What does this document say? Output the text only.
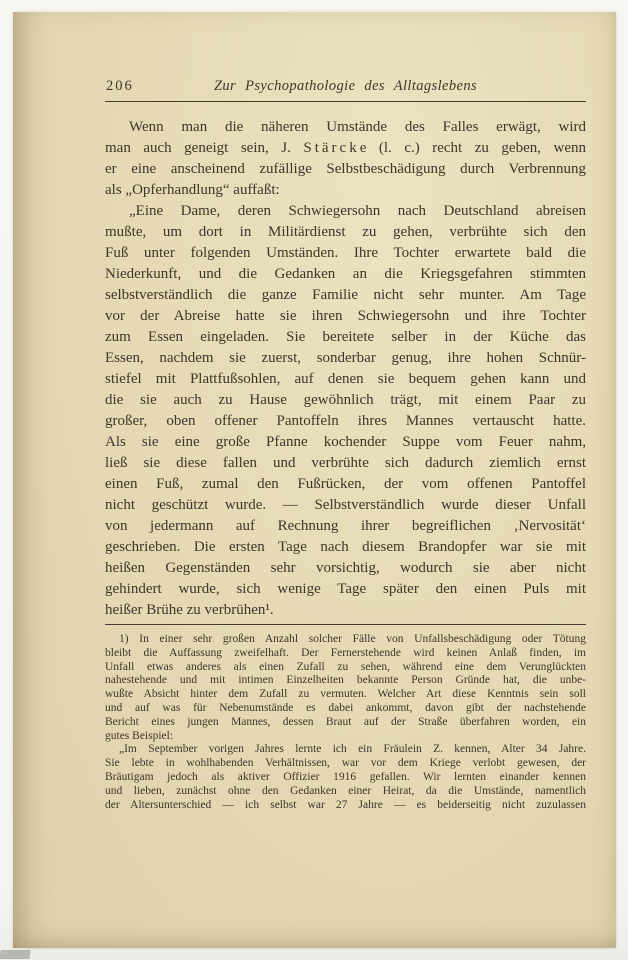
206	Zur Psychopathologie des Alltagslebens
Wenn man die näheren Umstände des Falles erwägt, wird
man auch geneigt sein, J. S t ä r c k e (l. c.) recht zu geben, wenn
er eine anscheinend zufällige Selbstbeschädigung durch Verbrennung
als „Opferhandlung“ auffaßt:
„Eine Dame, deren Schwiegersohn nach Deutschland abreisen
mußte, um dort in Militärdienst zu gehen, verbrühte sich den
Fuß unter folgenden Umständen. Ihre Tochter erwartete bald die
Niederkunft, und die Gedanken an die Kriegsgefahren stimmten
selbstverständlich die ganze Familie nicht sehr munter. Am Tage
vor der Abreise hatte sie ihren Schwiegersohn und ihre Tochter
zum Essen eingeladen. Sie bereitete selber in der Küche das
Essen, nachdem sie zuerst, sonderbar genug, ihre hohen Schnür-
stiefel mit Plattfußsohlen, auf denen sie bequem gehen kann und
die sie auch zu Hause gewöhnlich trägt, mit einem Paar zu
großer, oben offener Pantoffeln ihres Mannes vertauscht hatte.
Als sie eine große Pfanne kochender Suppe vom Feuer nahm,
ließ sie diese fallen und verbrühte sich dadurch ziemlich ernst
einen Fuß, zumal den Fußrücken, der vom offenen Pantoffel
nicht geschützt wurde. — Selbstverständlich wurde dieser Unfall
von jedermann auf Rechnung ihrer begreiflichen ‚Nervosität‘
geschrieben. Die ersten Tage nach diesem Brandopfer war sie mit
heißen Gegenständen sehr vorsichtig, wodurch sie aber nicht
gehindert wurde, sich wenige Tage später den einen Puls mit
heißer Brühe zu verbrühen¹.
1) In einer sehr großen Anzahl solcher Fälle von Unfallsbeschädigung oder Tötung
bleibt die Auffassung zweifelhaft. Der Fernerstehende wird keinen Anlaß finden, im
Unfall etwas anderes als einen Zufall zu sehen, während eine dem Verunglückten
nahestehende und mit intimen Einzelheiten bekannte Person Gründe hat, die unbe-
wußte Absicht hinter dem Zufall zu vermuten. Welcher Art diese Kenntnis sein soll
und auf was für Nebenumstände es dabei ankommt, davon gibt der nachstehende
Bericht eines jungen Mannes, dessen Braut auf der Straße überfahren worden, ein
gutes Beispiel:
„Im September vorigen Jahres lernte ich ein Fräulein Z. kennen, Alter 34 Jahre.
Sie lebte in wohlhabenden Verhältnissen, war vor dem Kriege verlobt gewesen, der
Bräutigam jedoch als aktiver Offizier 1916 gefallen. Wir lernten einander kennen
und lieben, zunächst ohne den Gedanken einer Heirat, da die Umstände, namentlich
der Altersunterschied — ich selbst war 27 Jahre — es beiderseitig nicht zuzulassen
